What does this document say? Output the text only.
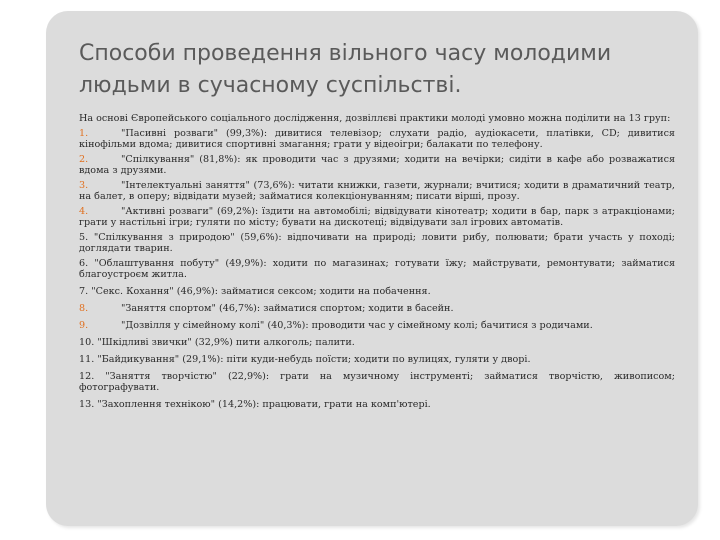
Способи проведення вільного часу молодими людьми в сучасному суспільстві.

На основі Європейського соціального дослідження, дозвіллєві практики молоді умовно можна поділити на 13 груп:

1.	"Пасивні розваги" (99,3%): дивитися телевізор; слухати радіо, аудіокасети, платівки, CD; дивитися кінофільми вдома; дивитися спортивні змагання; грати у відеоігри; балакати по телефону.

2.	"Спілкування" (81,8%): як проводити час з друзями; ходити на вечірки; сидіти в кафе або розважатися вдома з друзями.

3.	"Інтелектуальні заняття" (73,6%): читати книжки, газети, журнали; вчитися; ходити в драматичний театр, на балет, в оперу; відвідати музей; займатися колекціонуванням; писати вірші, прозу.

4.	"Активні розваги" (69,2%): їздити на автомобілі; відвідувати кінотеатр; ходити в бар, парк з атракціонами; грати у настільні ігри; гуляти по місту; бувати на дискотеці; відвідувати зал ігрових автоматів.

5. "Спілкування з природою" (59,6%): відпочивати на природі; ловити рибу, полювати; брати участь у поході; доглядати тварин.

6. "Облаштування побуту" (49,9%): ходити по магазинах; готувати їжу; майструвати, ремонтувати; займатися благоустроєм житла.

7. "Секс. Кохання" (46,9%): займатися сексом; ходити на побачення.

8.	"Заняття спортом" (46,7%): займатися спортом; ходити в басейн.

9.	"Дозвілля у сімейному колі" (40,3%): проводити час у сімейному колі; бачитися з родичами.

10. "Шкідливі звички" (32,9%) пити алкоголь; палити.

11. "Байдикування" (29,1%): піти куди-небудь поїсти; ходити по вулицях, гуляти у дворі.

12. "Заняття творчістю" (22,9%): грати на музичному інструменті; займатися творчістю, живописом; фотографувати.

13. "Захоплення технікою" (14,2%): працювати, грати на комп'ютері.
